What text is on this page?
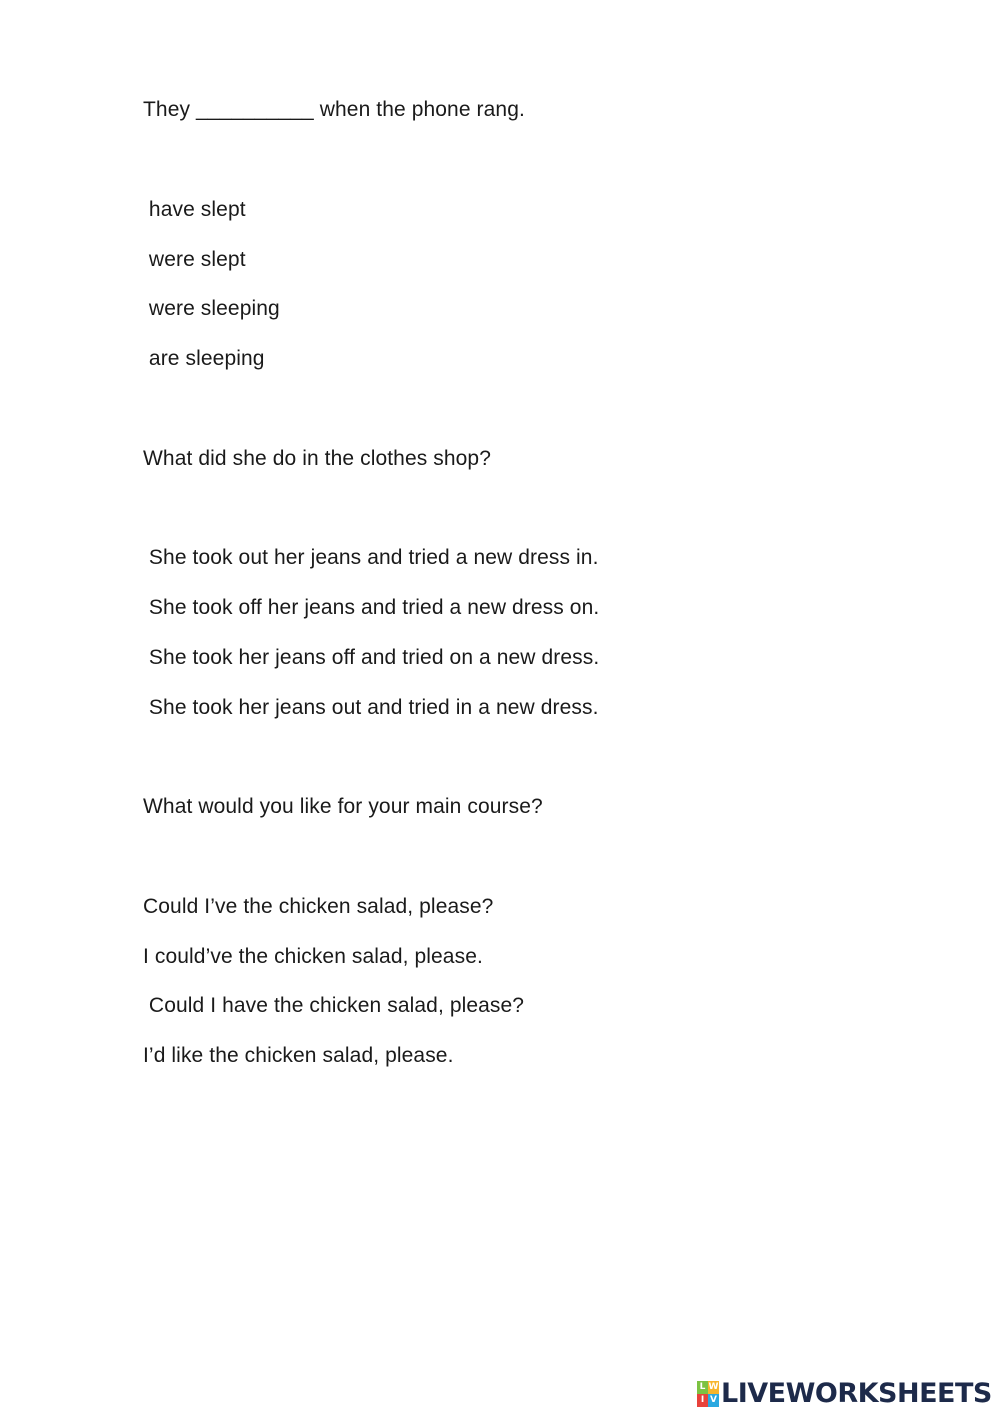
They __________ when the phone rang.
have slept
were slept
were sleeping
are sleeping
What did she do in the clothes shop?
She took out her jeans and tried a new dress in.
She took off her jeans and tried a new dress on.
She took her jeans off and tried on a new dress.
She took her jeans out and tried in a new dress.
What would you like for your main course?
Could I’ve the chicken salad, please?
I could’ve the chicken salad, please.
Could I have the chicken salad, please?
I’d like the chicken salad, please.
L W
I V LIVEWORKSHEETS
